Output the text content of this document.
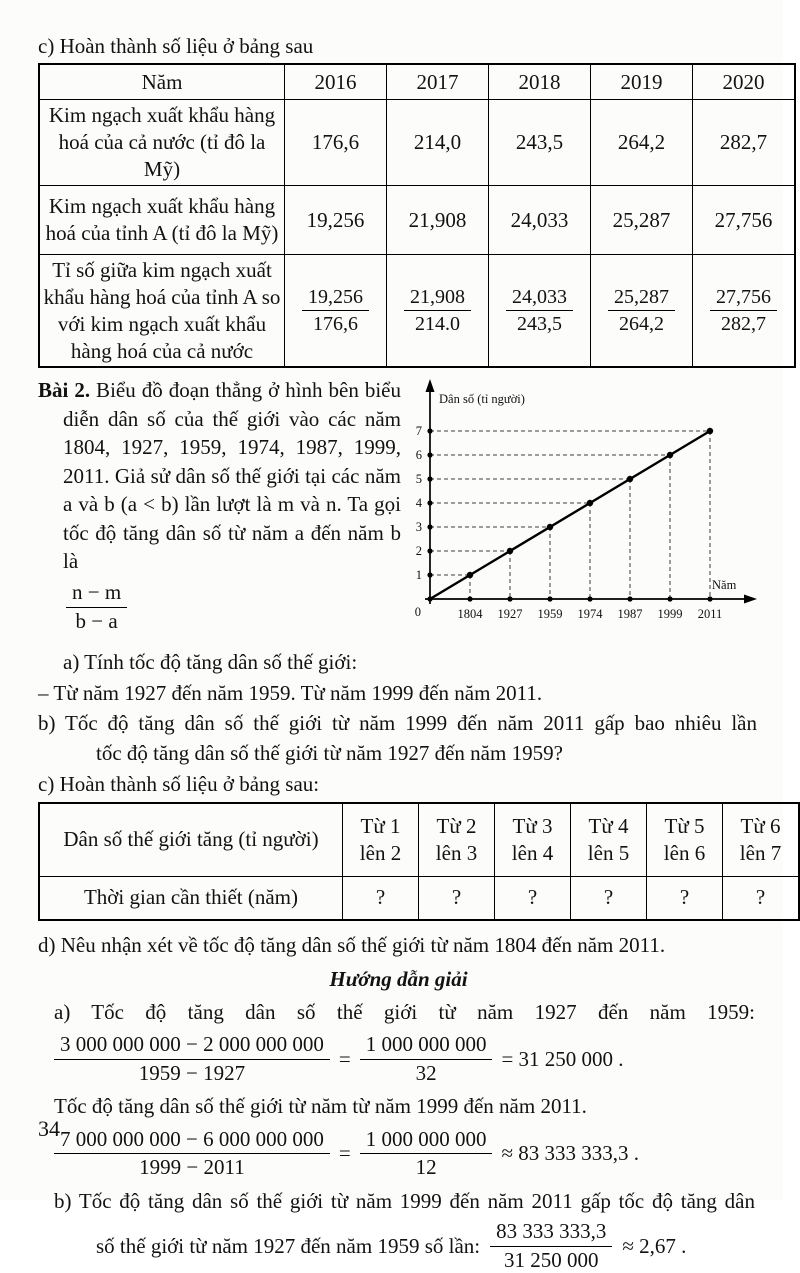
c) Hoàn thành số liệu ở bảng sau
Năm	2016	2017	2018	2019	2020
Kim ngạch xuất khẩu hàng hoá của cả nước (tỉ đô la Mỹ)	176,6	214,0	243,5	264,2	282,7
Kim ngạch xuất khẩu hàng hoá của tỉnh A (tỉ đô la Mỹ)	19,256	21,908	24,033	25,287	27,756
Tỉ số giữa kim ngạch xuất khẩu hàng hoá của tỉnh A so với kim ngạch xuất khẩu hàng hoá của cả nước	$\frac{19,256}{176,6}$	$\frac{21,908}{214.0}$	$\frac{24,033}{243,5}$	$\frac{25,287}{264,2}$	$\frac{27,756}{282,7}$
Bài 2. Biểu đồ đoạn thẳng ở hình bên biểu diễn dân số của thế giới vào các năm 1804, 1927, 1959, 1974, 1987, 1999, 2011. Giả sử dân số thế giới tại các năm a và b (a < b) lần lượt là m và n. Ta gọi tốc độ tăng dân số từ năm a đến năm b là
$\frac{n - m}{b - a}$
a) Tính tốc độ tăng dân số thế giới:
1804 1927 1959 1974 1987 1999 2011
1
2
3
4
5
6
7
0
Dân số (tỉ người)
Năm
– Từ năm 1927 đến năm 1959. Từ năm 1999 đến năm 2011.
b) Tốc độ tăng dân số thế giới từ năm 1999 đến năm 2011 gấp bao nhiêu lần
tốc độ tăng dân số thế giới từ năm 1927 đến năm 1959?
c) Hoàn thành số liệu ở bảng sau:
Dân số thế giới tăng (tỉ người)	Từ 1 lên 2	Từ 2 lên 3	Từ 3 lên 4	Từ 4 lên 5	Từ 5 lên 6	Từ 6 lên 7
Thời gian cần thiết (năm)	?	?	?	?	?	?
d) Nêu nhận xét về tốc độ tăng dân số thế giới từ năm 1804 đến năm 2011.
Hướng dẫn giải
a) Tốc độ tăng dân số thế giới từ năm 1927 đến năm 1959:
$\frac{3 000 000 000 - 2 000 000 000}{1959 - 1927} = \frac{1 000 000 000}{32} = 31$ 250 000 .
Tốc độ tăng dân số thế giới từ năm từ năm 1999 đến năm 2011.
$\frac{7 000 000 000 - 6 000 000 000}{1999 - 2011} = \frac{1 000 000 000}{12} \approx 83$ 333 333,3 .
b) Tốc độ tăng dân số thế giới từ năm 1999 đến năm 2011 gấp tốc độ tăng dân
số thế giới từ năm 1927 đến năm 1959 số lần: $\frac{83 333 333,3}{31 250 000} \approx 2,67$ .
34
